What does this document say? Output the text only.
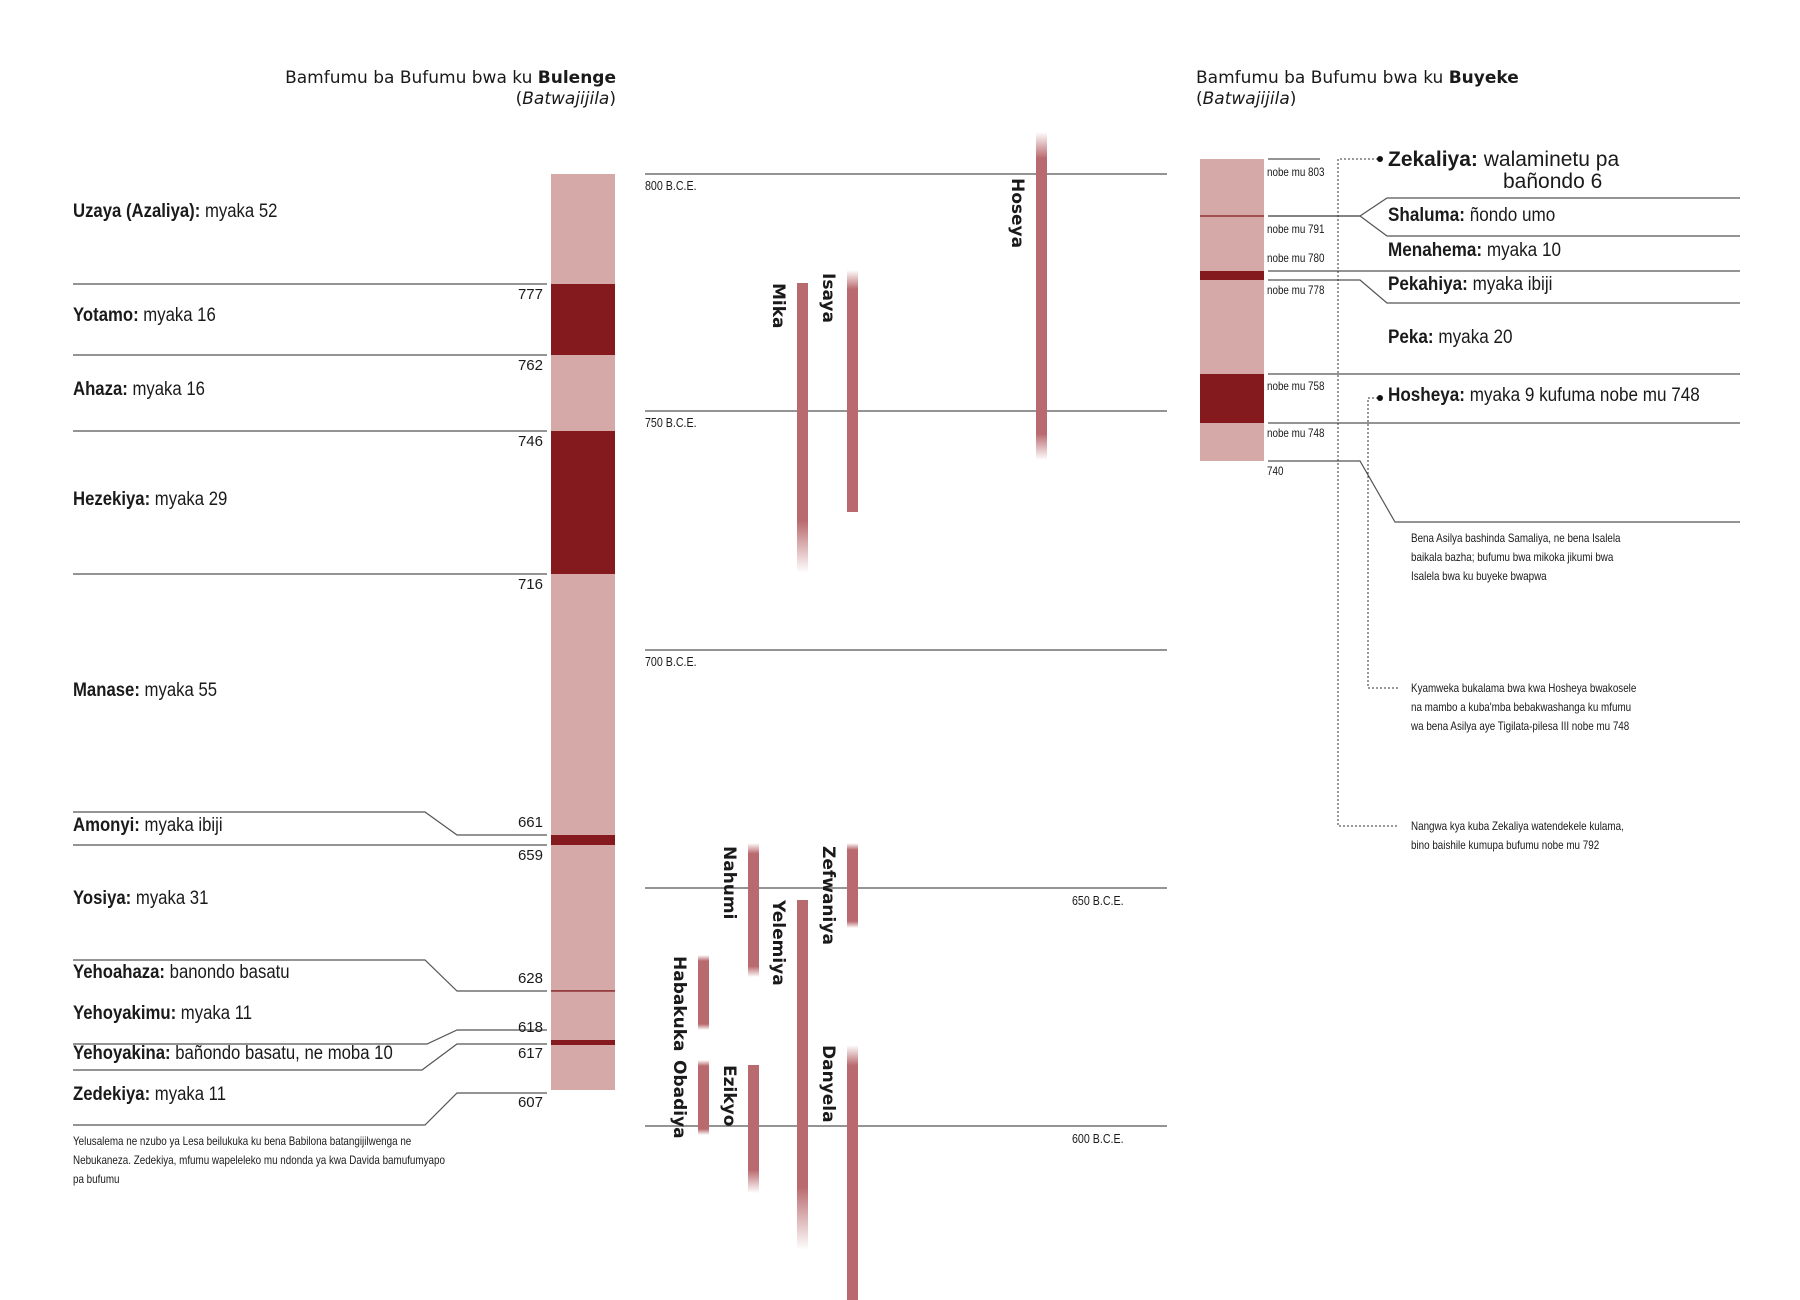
Bamfumu ba Bufumu bwa ku Bulenge
(Batwajijila)
Bamfumu ba Bufumu bwa ku Buyeke
(Batwajijila)
Uzaya (Azaliya): myaka 52
Yotamo: myaka 16
Ahaza: myaka 16
Hezekiya: myaka 29
Manase: myaka 55
Amonyi: myaka ibiji
Yosiya: myaka 31
Yehoahaza: banondo basatu
Yehoyakimu: myaka 11
Yehoyakina: bañondo basatu, ne moba 10
Zedekiya: myaka 11
777
762
746
716
661
659
628
618
617
607
Yelusalema ne nzubo ya Lesa beilukuka ku bena Babilona batangijilwenga ne
Nebukaneza. Zedekiya, mfumu wapeleleko mu ndonda ya kwa Davida bamufumyapo
pa bufumu
800 B.C.E.
750 B.C.E.
700 B.C.E.
650 B.C.E.
600 B.C.E.
Hoseya
Mika Isaya
Nahumi	Zefwaniya
Yelemiya
Habakuka
Obadiya Ezikyo	Danyela
nobe mu 803
nobe mu 791
nobe mu 780
nobe mu 778
nobe mu 758
nobe mu 748
740
Zekaliya: walaminetu pa
bañondo 6
Shaluma: ñondo umo
Menahema: myaka 10
Pekahiya: myaka ibiji
Peka: myaka 20
Hosheya: myaka 9 kufuma nobe mu 748
Bena Asilya bashinda Samaliya, ne bena Isalela
baikala bazha; bufumu bwa mikoka jikumi bwa
Isalela bwa ku buyeke bwapwa
Kyamweka bukalama bwa kwa Hosheya bwakosele
na mambo a kuba'mba bebakwashanga ku mfumu
wa bena Asilya aye Tigilata-pilesa III nobe mu 748
Nangwa kya kuba Zekaliya watendekele kulama,
bino baishile kumupa bufumu nobe mu 792
